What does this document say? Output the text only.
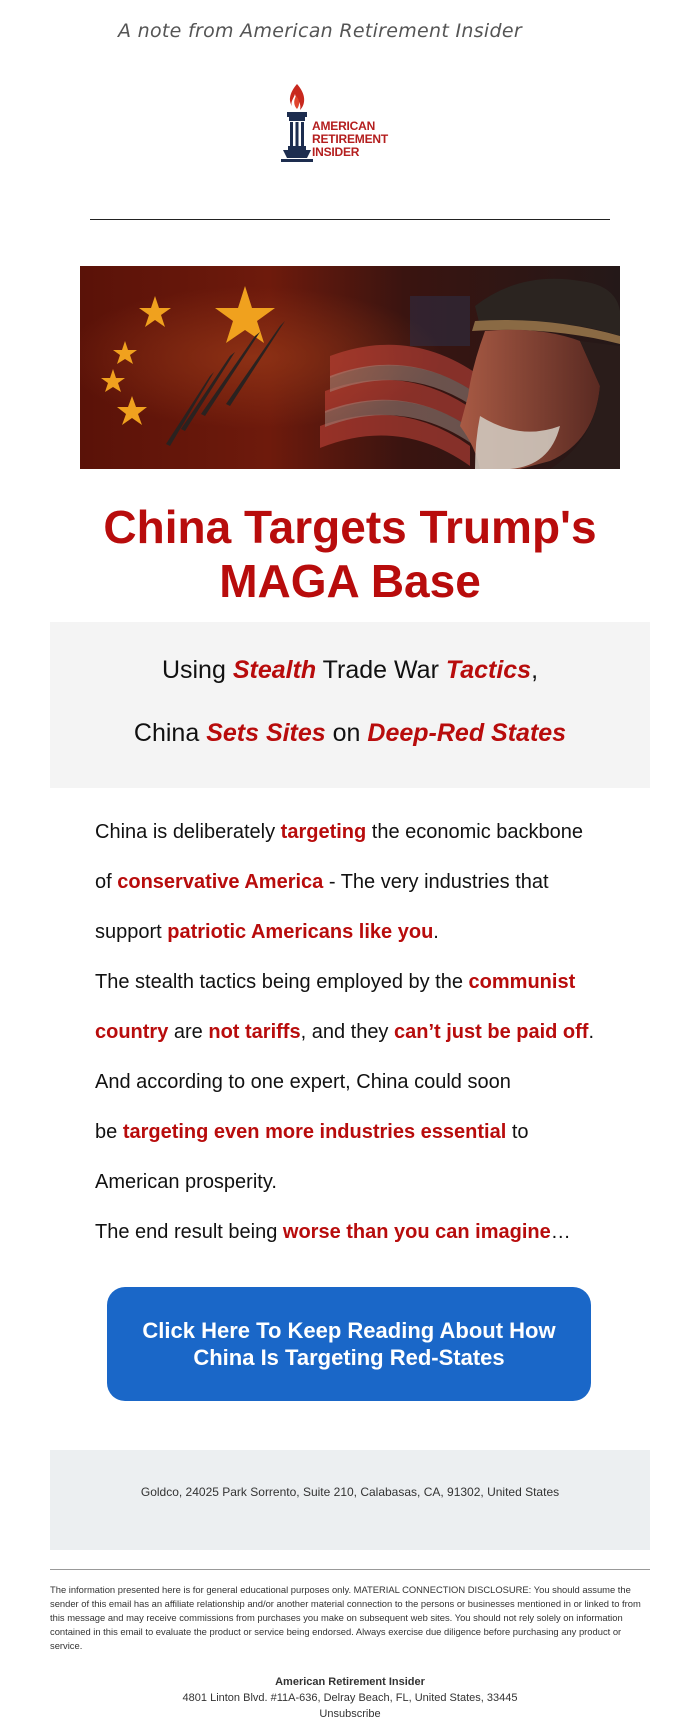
A note from American Retirement Insider
AMERICAN
RETIREMENT INSIDER
China Targets Trump's
MAGA Base
Using Stealth Trade War Tactics,
China Sets Sites on Deep-Red States
China is deliberately targeting the economic backbone
of conservative America - The very industries that
support patriotic Americans like you.
The stealth tactics being employed by the communist
country are not tariffs, and they can’t just be paid off.
And according to one expert, China could soon
be targeting even more industries essential to
American prosperity.
The end result being worse than you can imagine…
Click Here To Keep Reading About How
China Is Targeting Red-States
Goldco, 24025 Park Sorrento, Suite 210, Calabasas, CA, 91302, United States
The information presented here is for general educational purposes only. MATERIAL CONNECTION DISCLOSURE: You should assume the sender of this email has an affiliate relationship and/or another material connection to the persons or businesses mentioned in or linked to from this message and may receive commissions from purchases you make on subsequent web sites. You should not rely solely on information contained in this email to evaluate the product or service being endorsed. Always exercise due diligence before purchasing any product or service.
American Retirement Insider
4801 Linton Blvd. #11A-636, Delray Beach, FL, United States, 33445
Unsubscribe
